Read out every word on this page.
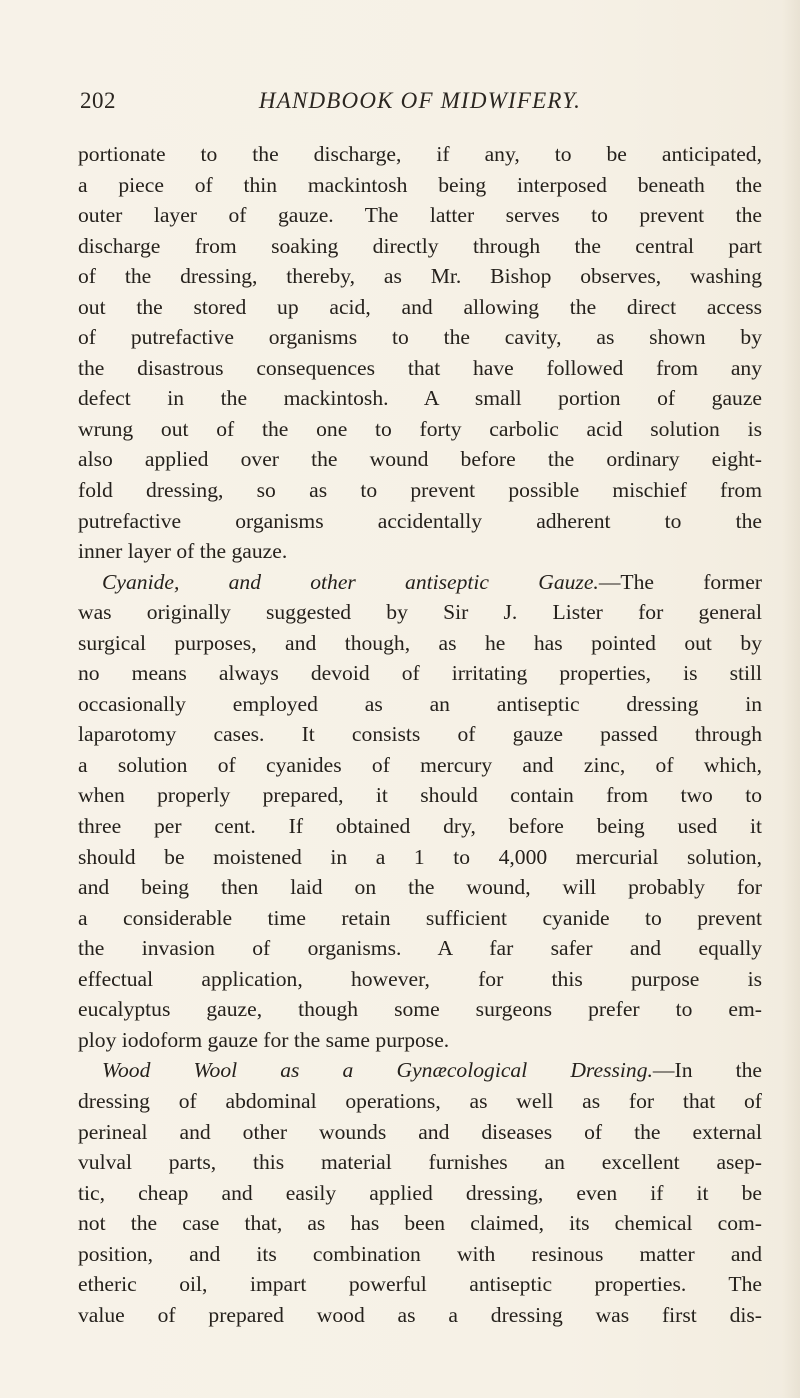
202	HANDBOOK OF MIDWIFERY.
portionate to the discharge, if any, to be anticipated,
a piece of thin mackintosh being interposed beneath the
outer layer of gauze. The latter serves to prevent the
discharge from soaking directly through the central part
of the dressing, thereby, as Mr. Bishop observes, washing
out the stored up acid, and allowing the direct access
of putrefactive organisms to the cavity, as shown by
the disastrous consequences that have followed from any
defect in the mackintosh. A small portion of gauze
wrung out of the one to forty carbolic acid solution is
also applied over the wound before the ordinary eight-
fold dressing, so as to prevent possible mischief from
putrefactive organisms accidentally adherent to the
inner layer of the gauze.
Cyanide, and other antiseptic Gauze.—The former
was originally suggested by Sir J. Lister for general
surgical purposes, and though, as he has pointed out by
no means always devoid of irritating properties, is still
occasionally employed as an antiseptic dressing in
laparotomy cases. It consists of gauze passed through
a solution of cyanides of mercury and zinc, of which,
when properly prepared, it should contain from two to
three per cent. If obtained dry, before being used it
should be moistened in a 1 to 4,000 mercurial solution,
and being then laid on the wound, will probably for
a considerable time retain sufficient cyanide to prevent
the invasion of organisms. A far safer and equally
effectual application, however, for this purpose is
eucalyptus gauze, though some surgeons prefer to em-
ploy iodoform gauze for the same purpose.
Wood Wool as a Gynæcological Dressing.—In the
dressing of abdominal operations, as well as for that of
perineal and other wounds and diseases of the external
vulval parts, this material furnishes an excellent asep-
tic, cheap and easily applied dressing, even if it be
not the case that, as has been claimed, its chemical com-
position, and its combination with resinous matter and
etheric oil, impart powerful antiseptic properties. The
value of prepared wood as a dressing was first dis-
